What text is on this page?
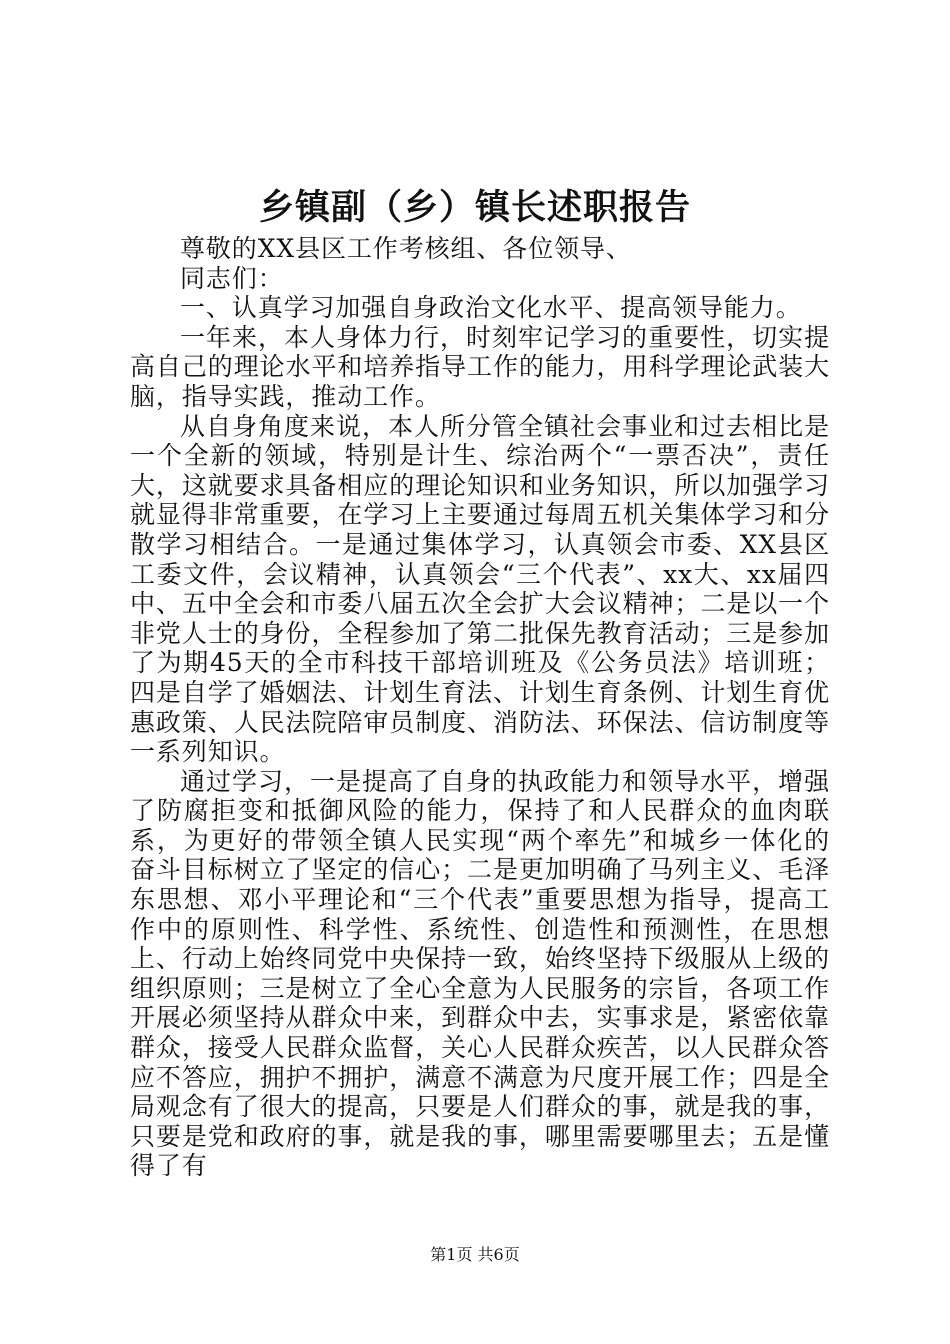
乡镇副（乡）镇长述职报告

尊敬的XX县区工作考核组、各位领导、

同志们：

一、认真学习加强自身政治文化水平、提高领导能力。

一年来，本人身体力行，时刻牢记学习的重要性，切实提高自己的理论水平和培养指导工作的能力，用科学理论武装大脑，指导实践，推动工作。

从自身角度来说，本人所分管全镇社会事业和过去相比是一个全新的领域，特别是计生、综治两个“一票否决”，责任大，这就要求具备相应的理论知识和业务知识，所以加强学习就显得非常重要，在学习上主要通过每周五机关集体学习和分散学习相结合。一是通过集体学习，认真领会市委、XX县区工委文件，会议精神，认真领会“三个代表”、xx大、xx届四中、五中全会和市委八届五次全会扩大会议精神；二是以一个非党人士的身份，全程参加了第二批保先教育活动；三是参加了为期45天的全市科技干部培训班及《公务员法》培训班；四是自学了婚姻法、计划生育法、计划生育条例、计划生育优惠政策、人民法院陪审员制度、消防法、环保法、信访制度等一系列知识。

通过学习，一是提高了自身的执政能力和领导水平，增强了防腐拒变和抵御风险的能力，保持了和人民群众的血肉联系，为更好的带领全镇人民实现“两个率先”和城乡一体化的奋斗目标树立了坚定的信心；二是更加明确了马列主义、毛泽东思想、邓小平理论和“三个代表”重要思想为指导，提高工作中的原则性、科学性、系统性、创造性和预测性，在思想上、行动上始终同党中央保持一致，始终坚持下级服从上级的组织原则；三是树立了全心全意为人民服务的宗旨，各项工作开展必须坚持从群众中来，到群众中去，实事求是，紧密依靠群众，接受人民群众监督，关心人民群众疾苦，以人民群众答应不答应，拥护不拥护，满意不满意为尺度开展工作；四是全局观念有了很大的提高，只要是人们群众的事，就是我的事，只要是党和政府的事，就是我的事，哪里需要哪里去；五是懂得了有

第1页 共6页
